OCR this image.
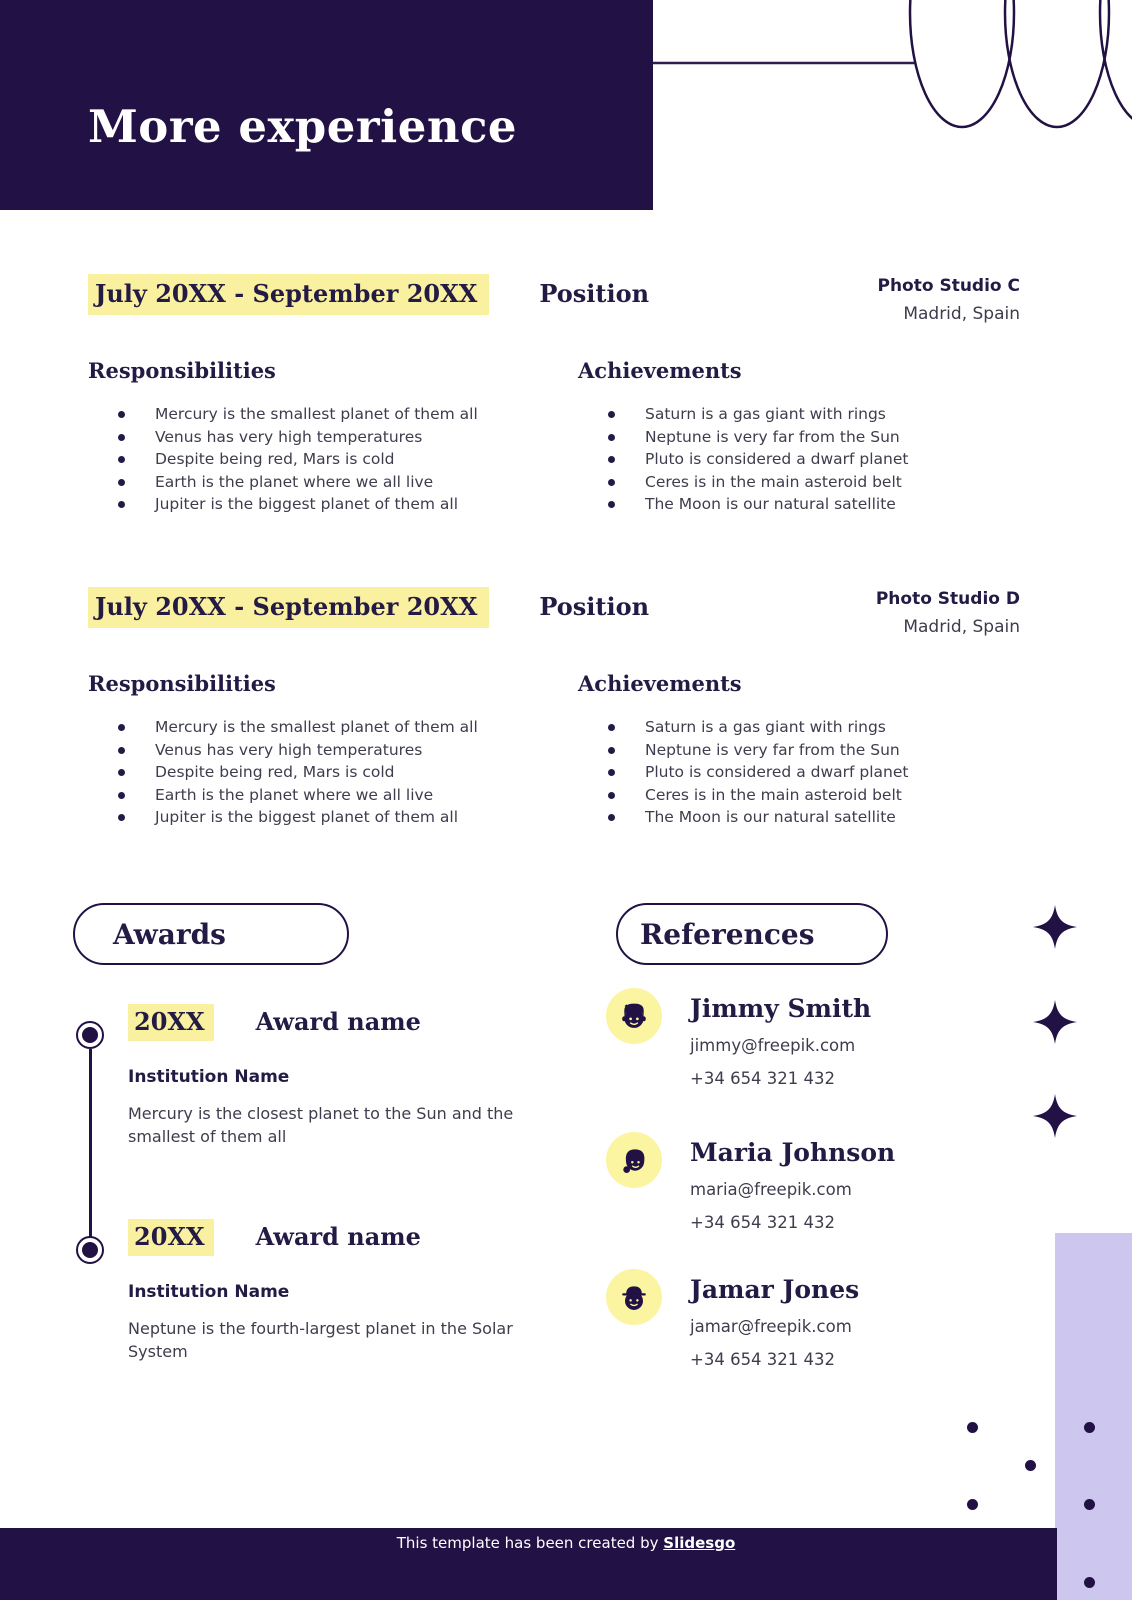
More experience
July 20XX - September 20XX	Position	Photo Studio C
Madrid, Spain
Responsibilities
Mercury is the smallest planet of them all
Venus has very high temperatures
Despite being red, Mars is cold
Earth is the planet where we all live
Jupiter is the biggest planet of them all
Achievements
Saturn is a gas giant with rings
Neptune is very far from the Sun
Pluto is considered a dwarf planet
Ceres is in the main asteroid belt
The Moon is our natural satellite
July 20XX - September 20XX	Position	Photo Studio D
Madrid, Spain
Responsibilities
Mercury is the smallest planet of them all
Venus has very high temperatures
Despite being red, Mars is cold
Earth is the planet where we all live
Jupiter is the biggest planet of them all
Achievements
Saturn is a gas giant with rings
Neptune is very far from the Sun
Pluto is considered a dwarf planet
Ceres is in the main asteroid belt
The Moon is our natural satellite
Awards
20XX	Award name
Institution Name
Mercury is the closest planet to the Sun and the smallest of them all
20XX	Award name
Institution Name
Neptune is the fourth-largest planet in the Solar System
References
Jimmy Smith
jimmy@freepik.com
+34 654 321 432
Maria Johnson
maria@freepik.com
+34 654 321 432
Jamar Jones
jamar@freepik.com
+34 654 321 432
This template has been created by Slidesgo
